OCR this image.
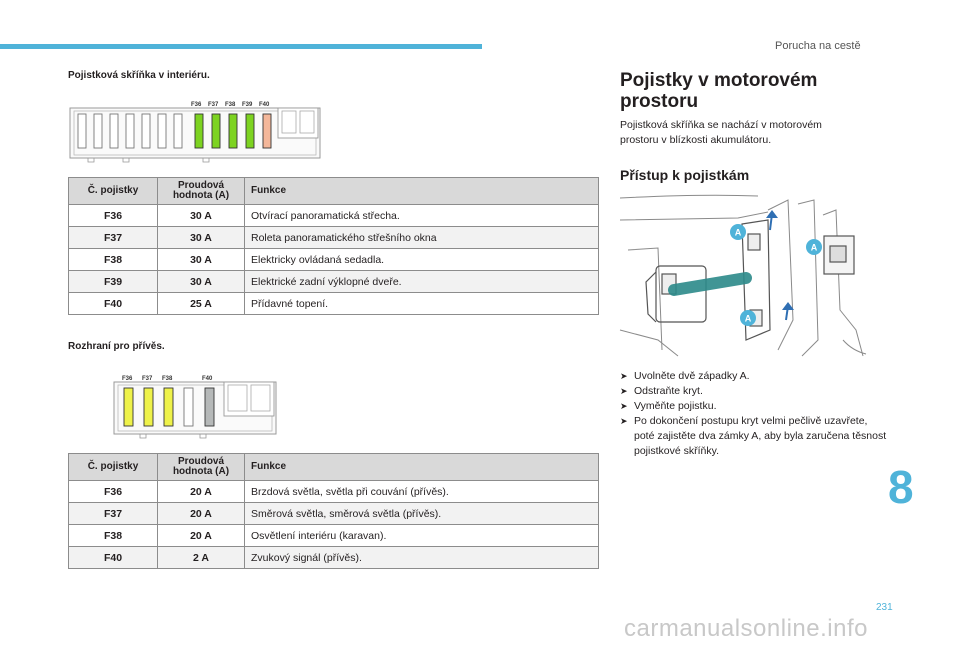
Porucha na cestě
Pojistková skříňka v interiéru.
F36 F37 F38 F39 F40
Č. pojistky	Proudová hodnota (A)	Funkce
F36	30 A	Otvírací panoramatická střecha.
F37	30 A	Roleta panoramatického střešního okna
F38	30 A	Elektricky ovládaná sedadla.
F39	30 A	Elektrické zadní výklopné dveře.
F40	25 A	Přídavné topení.
Rozhraní pro přívěs.
F36 F37 F38	F40
Č. pojistky	Proudová hodnota (A)	Funkce
F36	20 A	Brzdová světla, světla při couvání (přívěs).
F37	20 A	Směrová světla, směrová světla (přívěs).
F38	20 A	Osvětlení interiéru (karavan).
F40	2 A	Zvukový signál (přívěs).
Pojistky v motorovém prostoru
Pojistková skříňka se nachází v motorovém prostoru v blízkosti akumulátoru.
Přístup k pojistkám
A
A
A
➤ Uvolněte dvě západky A.
➤ Odstraňte kryt.
➤ Vyměňte pojistku.
➤ Po dokončení postupu kryt velmi pečlivě uzavřete, poté zajistěte dva zámky A, aby byla zaručena těsnost pojistkové skříňky.
8
231
carmanualsonline.info
